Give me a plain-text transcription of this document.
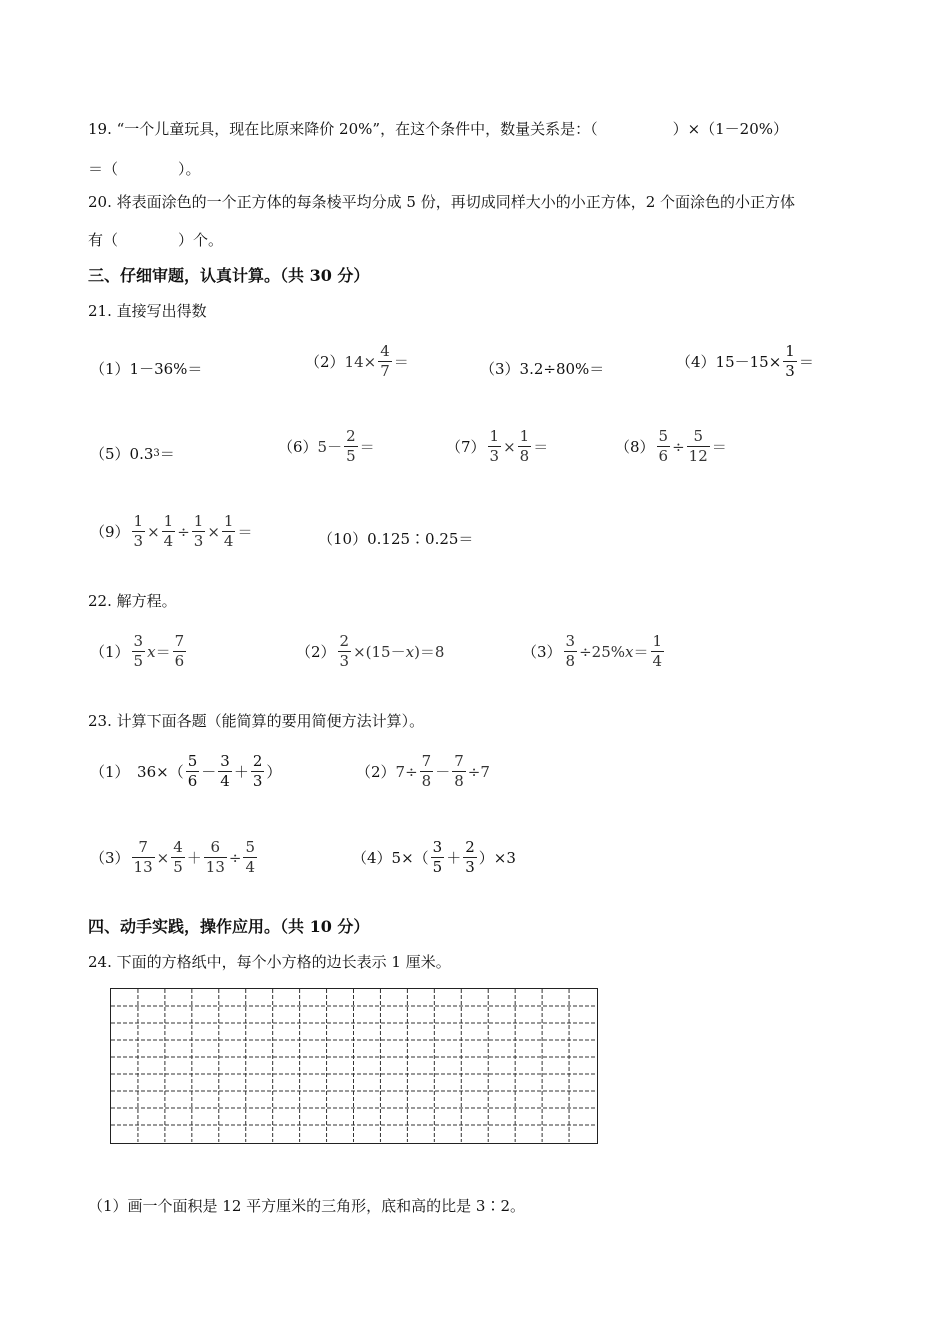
19. “一个儿童玩具，现在比原来降价 20%”，在这个条件中，数量关系是：（　　　　　）×（1－20%）
＝（　　　　）。
20. 将表面涂色的一个正方体的每条棱平均分成 5 份，再切成同样大小的小正方体，2 个面涂色的小正方体
有（　　　　）个。
三、仔细审题，认真计算。（共 30 分）
21. 直接写出得数
（1）1－36%＝	（2） $14\times \frac{4}{7}$ ＝	（3）3.2÷80%＝	$(4)15-15\times \frac{1}{3}$ ＝
（5）0.3 3 ＝	（6） $5- \frac{2}{5}$ ＝	$(7) \frac{1}{3} \times \frac{1}{8}$ ＝	$(8) \frac{5}{6} \div \frac{5}{12}$ ＝
$(9) \frac{1}{3} \times \frac{1}{4} \div \frac{1}{3} \times \frac{1}{4}$ ＝	（10）0.125∶0.25＝
22. 解方程。
$(1) \frac{3}{5}$ $x = \frac{7}{6}$	$(2) \frac{2}{3} \times(15- x$ )＝8	$(3) \frac{3}{8} \div 25\%$ $x = \frac{1}{4}$
23. 计算下面各题（能简算的要用简便方法计算）。
（1）　$36\times( \frac{5}{6} - \frac{3}{4} + \frac{2}{3}$ ）	（2） $7\div \frac{7}{8} - \frac{7}{8} \div 7$
$(3) \frac{7}{13} \times \frac{4}{5} + \frac{6}{13} \div \frac{5}{4}$	$(4)5\times( \frac{3}{5} + \frac{2}{3} )\times 3$
四、动手实践，操作应用。（共 10 分）
24. 下面的方格纸中，每个小方格的边长表示 1 厘米。
（1）画一个面积是 12 平方厘米的三角形，底和高的比是 3∶2。
